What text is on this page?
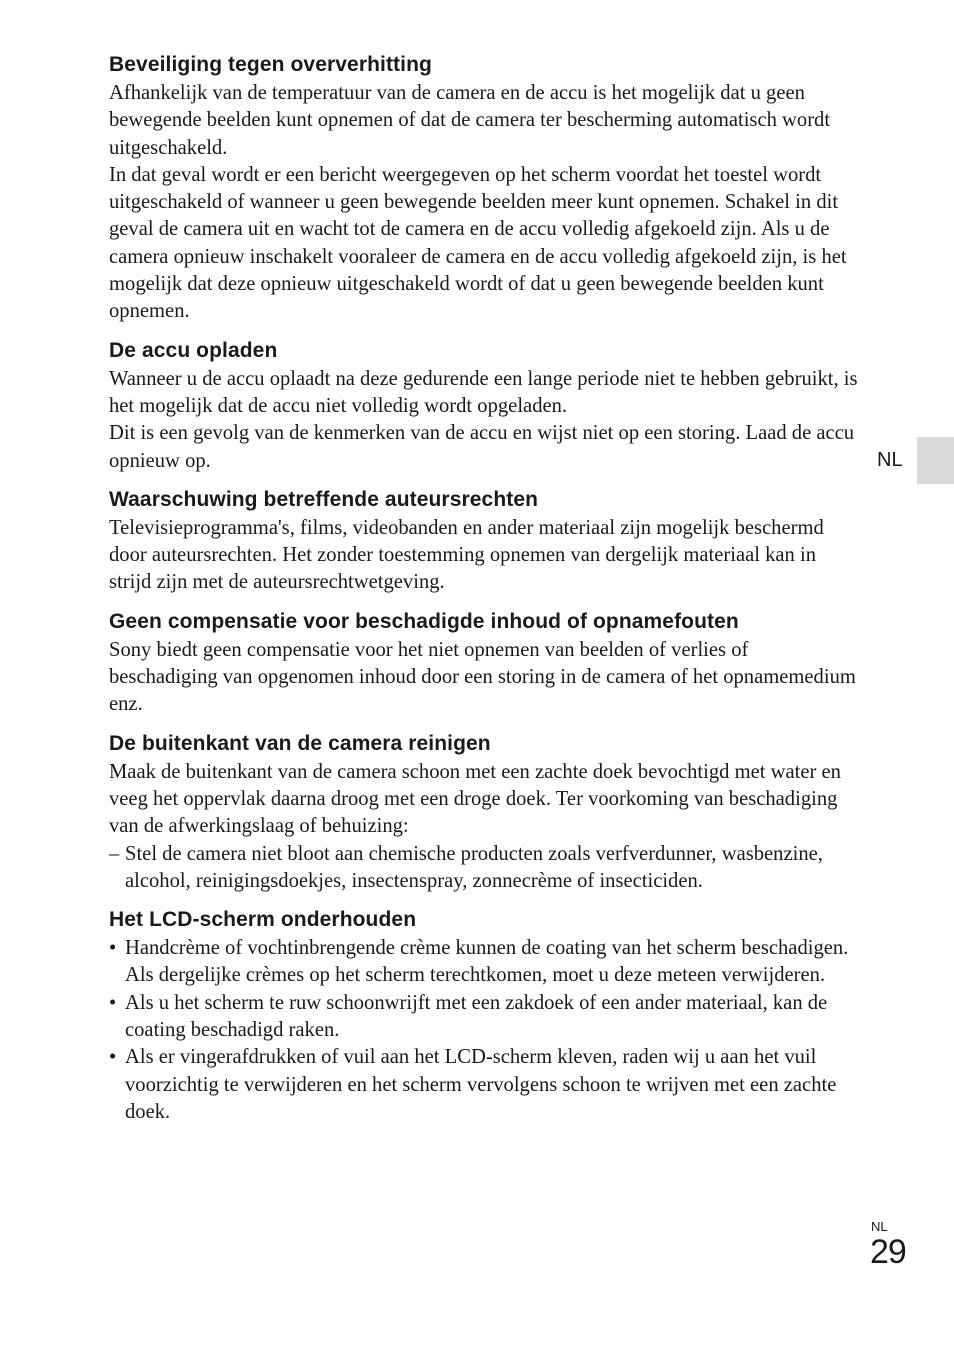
Beveiliging tegen oververhitting

Afhankelijk van de temperatuur van de camera en de accu is het mogelijk dat u geen bewegende beelden kunt opnemen of dat de camera ter bescherming automatisch wordt uitgeschakeld.

In dat geval wordt er een bericht weergegeven op het scherm voordat het toestel wordt uitgeschakeld of wanneer u geen bewegende beelden meer kunt opnemen. Schakel in dit geval de camera uit en wacht tot de camera en de accu volledig afgekoeld zijn. Als u de camera opnieuw inschakelt vooraleer de camera en de accu volledig afgekoeld zijn, is het mogelijk dat deze opnieuw uitgeschakeld wordt of dat u geen bewegende beelden kunt opnemen.

De accu opladen

Wanneer u de accu oplaadt na deze gedurende een lange periode niet te hebben gebruikt, is het mogelijk dat de accu niet volledig wordt opgeladen.

Dit is een gevolg van de kenmerken van de accu en wijst niet op een storing. Laad de accu opnieuw op.

Waarschuwing betreffende auteursrechten

Televisieprogramma's, films, videobanden en ander materiaal zijn mogelijk beschermd door auteursrechten. Het zonder toestemming opnemen van dergelijk materiaal kan in strijd zijn met de auteursrechtwetgeving.

Geen compensatie voor beschadigde inhoud of opnamefouten

Sony biedt geen compensatie voor het niet opnemen van beelden of verlies of beschadiging van opgenomen inhoud door een storing in de camera of het opnamemedium enz.

De buitenkant van de camera reinigen

Maak de buitenkant van de camera schoon met een zachte doek bevochtigd met water en veeg het oppervlak daarna droog met een droge doek. Ter voorkoming van beschadiging van de afwerkingslaag of behuizing:

– Stel de camera niet bloot aan chemische producten zoals verfverdunner, wasbenzine, alcohol, reinigingsdoekjes, insectenspray, zonnecrème of insecticiden.

Het LCD-scherm onderhouden

• Handcrème of vochtinbrengende crème kunnen de coating van het scherm beschadigen. Als dergelijke crèmes op het scherm terechtkomen, moet u deze meteen verwijderen.

• Als u het scherm te ruw schoonwrijft met een zakdoek of een ander materiaal, kan de coating beschadigd raken.

• Als er vingerafdrukken of vuil aan het LCD-scherm kleven, raden wij u aan het vuil voorzichtig te verwijderen en het scherm vervolgens schoon te wrijven met een zachte doek.

NL
NL
29
